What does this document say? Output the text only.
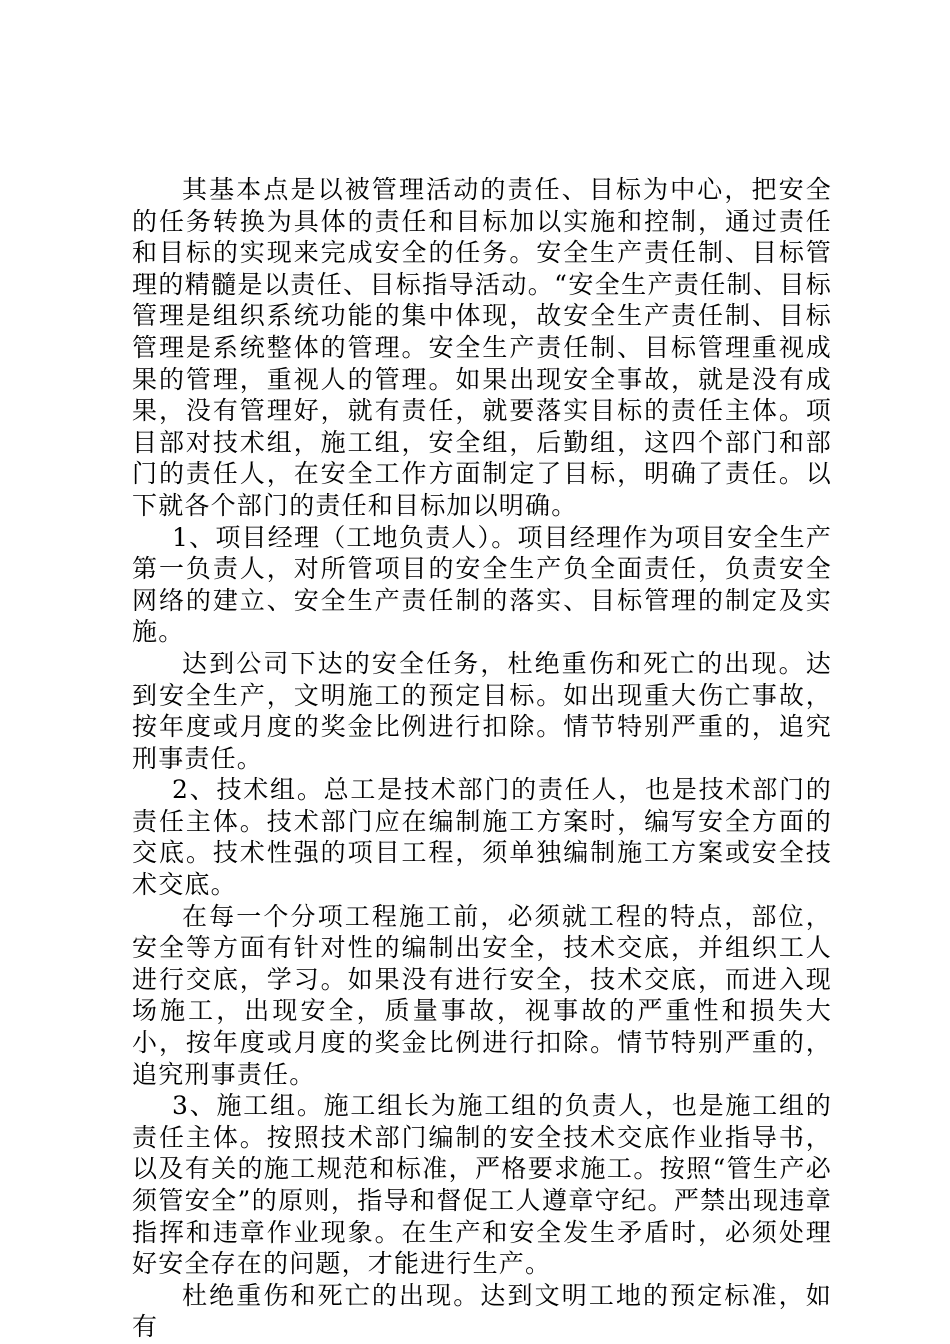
其基本点是以被管理活动的责任、目标为中心，把安全的任务转换为具体的责任和目标加以实施和控制，通过责任和目标的实现来完成安全的任务。安全生产责任制、目标管理的精髓是以责任、目标指导活动。“安全生产责任制、目标管理是组织系统功能的集中体现，故安全生产责任制、目标管理是系统整体的管理。安全生产责任制、目标管理重视成果的管理，重视人的管理。如果出现安全事故，就是没有成果，没有管理好，就有责任，就要落实目标的责任主体。项目部对技术组，施工组，安全组，后勤组，这四个部门和部门的责任人，在安全工作方面制定了目标，明确了责任。以下就各个部门的责任和目标加以明确。

1、项目经理（工地负责人）。项目经理作为项目安全生产第一负责人，对所管项目的安全生产负全面责任，负责安全网络的建立、安全生产责任制的落实、目标管理的制定及实施。

达到公司下达的安全任务，杜绝重伤和死亡的出现。达到安全生产，文明施工的预定目标。如出现重大伤亡事故，按年度或月度的奖金比例进行扣除。情节特别严重的，追究刑事责任。

2、技术组。总工是技术部门的责任人，也是技术部门的责任主体。技术部门应在编制施工方案时，编写安全方面的交底。技术性强的项目工程，须单独编制施工方案或安全技术交底。

在每一个分项工程施工前，必须就工程的特点，部位，安全等方面有针对性的编制出安全，技术交底，并组织工人进行交底，学习。如果没有进行安全，技术交底，而进入现场施工，出现安全，质量事故，视事故的严重性和损失大小，按年度或月度的奖金比例进行扣除。情节特别严重的，追究刑事责任。

3、施工组。施工组长为施工组的负责人，也是施工组的责任主体。按照技术部门编制的安全技术交底作业指导书，以及有关的施工规范和标准，严格要求施工。按照“管生产必须管安全”的原则，指导和督促工人遵章守纪。严禁出现违章指挥和违章作业现象。在生产和安全发生矛盾时，必须处理好安全存在的问题，才能进行生产。

杜绝重伤和死亡的出现。达到文明工地的预定标准，如有
